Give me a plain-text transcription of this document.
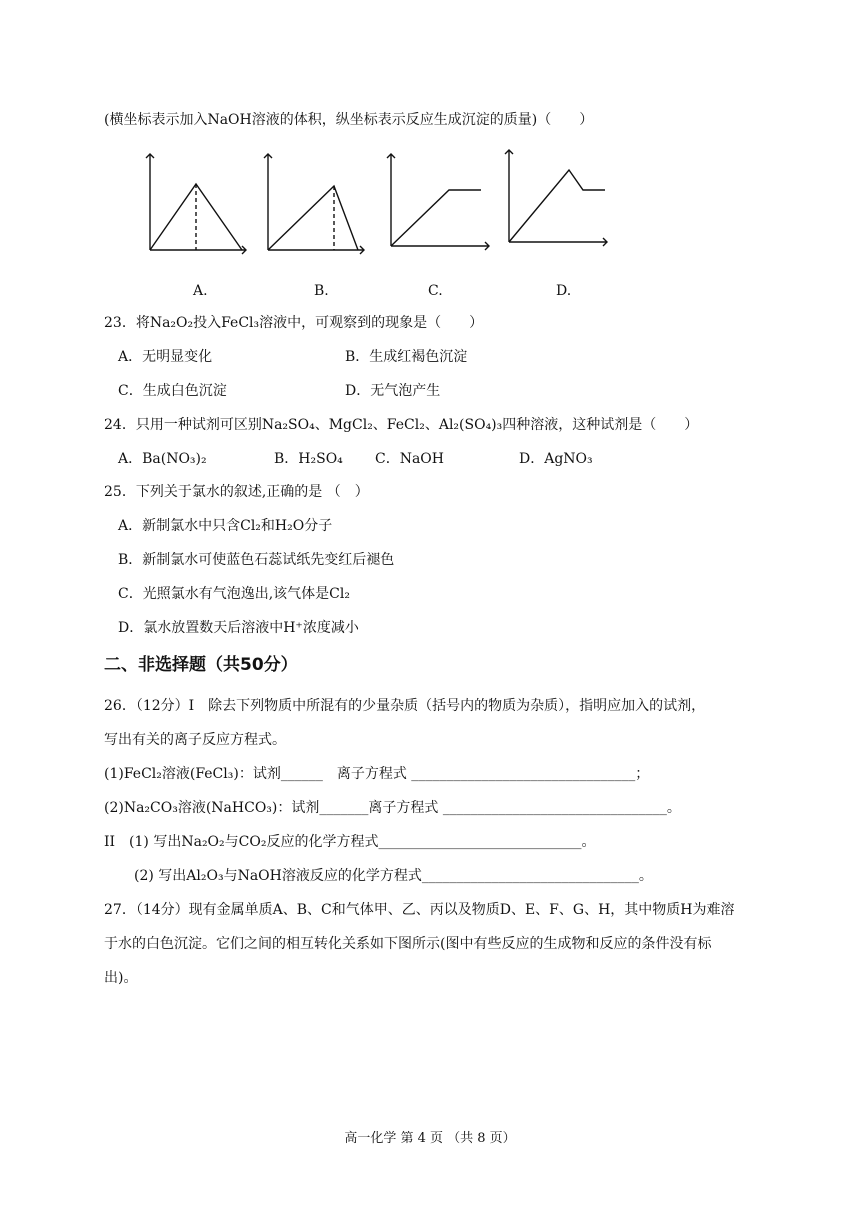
(横坐标表示加入NaOH溶液的体积，纵坐标表示反应生成沉淀的质量)（　　）
A.	B.	C.	D.
23．将Na₂O₂投入FeCl₃溶液中，可观察到的现象是（　　）
A．无明显变化	B．生成红褐色沉淀
C．生成白色沉淀	D．无气泡产生
24．只用一种试剂可区别Na₂SO₄、MgCl₂、FeCl₂、Al₂(SO₄)₃四种溶液，这种试剂是（　　）
A．Ba(NO₃)₂	B．H₂SO₄ C．NaOH	D．AgNO₃
25．下列关于氯水的叙述,正确的是 （　）
A．新制氯水中只含Cl₂和H₂O分子
B．新制氯水可使蓝色石蕊试纸先变红后褪色
C．光照氯水有气泡逸出,该气体是Cl₂
D．氯水放置数天后溶液中H⁺浓度减小
二、非选择题（共50分）
26．（12分）I　除去下列物质中所混有的少量杂质（括号内的物质为杂质），指明应加入的试剂，
写出有关的离子反应方程式。
(1)FeCl₂溶液(FeCl₃)：试剂______　离子方程式 ________________________________；
(2)Na₂CO₃溶液(NaHCO₃)：试剂_______离子方程式 ________________________________。
II　(1) 写出Na₂O₂与CO₂反应的化学方程式_____________________________。
(2) 写出Al₂O₃与NaOH溶液反应的化学方程式_______________________________。
27．（14分）现有金属单质A、B、C和气体甲、乙、丙以及物质D、E、F、G、H，其中物质H为难溶
于水的白色沉淀。它们之间的相互转化关系如下图所示(图中有些反应的生成物和反应的条件没有标
出)。
高一化学 第 4 页 （共 8 页）
